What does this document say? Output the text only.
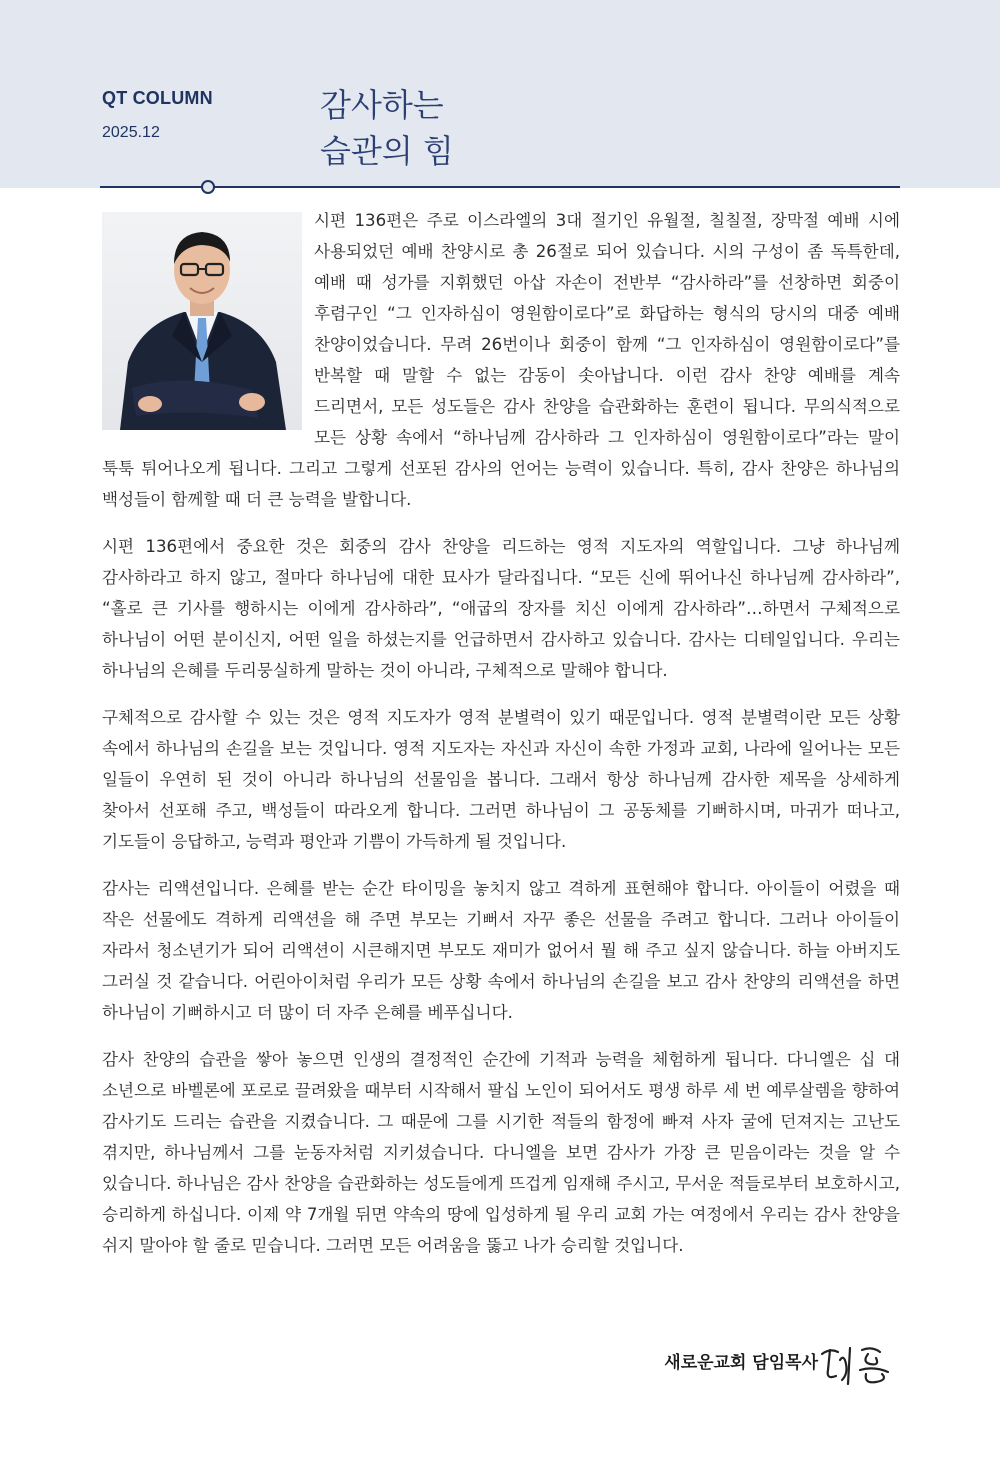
QT COLUMN
2025.12
감사하는
습관의 힘

시편 136편은 주로 이스라엘의 3대 절기인 유월절, 칠칠절, 장막절 예배 시에 사용되었던 예배 찬양시로 총 26절로 되어 있습니다. 시의 구성이 좀 독특한데, 예배 때 성가를 지휘했던 아삽 자손이 전반부 “감사하라”를 선창하면 회중이 후렴구인 “그 인자하심이 영원함이로다”로 화답하는 형식의 당시의 대중 예배 찬양이었습니다. 무려 26번이나 회중이 함께 “그 인자하심이 영원함이로다”를 반복할 때 말할 수 없는 감동이 솟아납니다. 이런 감사 찬양 예배를 계속 드리면서, 모든 성도들은 감사 찬양을 습관화하는 훈련이 됩니다. 무의식적으로 모든 상황 속에서 “하나님께 감사하라 그 인자하심이 영원함이로다”라는 말이 툭툭 튀어나오게 됩니다. 그리고 그렇게 선포된 감사의 언어는 능력이 있습니다. 특히, 감사 찬양은 하나님의 백성들이 함께할 때 더 큰 능력을 발합니다.

시편 136편에서 중요한 것은 회중의 감사 찬양을 리드하는 영적 지도자의 역할입니다. 그냥 하나님께 감사하라고 하지 않고, 절마다 하나님에 대한 묘사가 달라집니다. “모든 신에 뛰어나신 하나님께 감사하라”, “홀로 큰 기사를 행하시는 이에게 감사하라”, “애굽의 장자를 치신 이에게 감사하라”…하면서 구체적으로 하나님이 어떤 분이신지, 어떤 일을 하셨는지를 언급하면서 감사하고 있습니다. 감사는 디테일입니다. 우리는 하나님의 은혜를 두리뭉실하게 말하는 것이 아니라, 구체적으로 말해야 합니다.

구체적으로 감사할 수 있는 것은 영적 지도자가 영적 분별력이 있기 때문입니다. 영적 분별력이란 모든 상황 속에서 하나님의 손길을 보는 것입니다. 영적 지도자는 자신과 자신이 속한 가정과 교회, 나라에 일어나는 모든 일들이 우연히 된 것이 아니라 하나님의 선물임을 봅니다. 그래서 항상 하나님께 감사한 제목을 상세하게 찾아서 선포해 주고, 백성들이 따라오게 합니다. 그러면 하나님이 그 공동체를 기뻐하시며, 마귀가 떠나고, 기도들이 응답하고, 능력과 평안과 기쁨이 가득하게 될 것입니다.

감사는 리액션입니다. 은혜를 받는 순간 타이밍을 놓치지 않고 격하게 표현해야 합니다. 아이들이 어렸을 때 작은 선물에도 격하게 리액션을 해 주면 부모는 기뻐서 자꾸 좋은 선물을 주려고 합니다. 그러나 아이들이 자라서 청소년기가 되어 리액션이 시큰해지면 부모도 재미가 없어서 뭘 해 주고 싶지 않습니다. 하늘 아버지도 그러실 것 같습니다. 어린아이처럼 우리가 모든 상황 속에서 하나님의 손길을 보고 감사 찬양의 리액션을 하면 하나님이 기뻐하시고 더 많이 더 자주 은혜를 베푸십니다.

감사 찬양의 습관을 쌓아 놓으면 인생의 결정적인 순간에 기적과 능력을 체험하게 됩니다. 다니엘은 십 대 소년으로 바벨론에 포로로 끌려왔을 때부터 시작해서 팔십 노인이 되어서도 평생 하루 세 번 예루살렘을 향하여 감사기도 드리는 습관을 지켰습니다. 그 때문에 그를 시기한 적들의 함정에 빠져 사자 굴에 던져지는 고난도 겪지만, 하나님께서 그를 눈동자처럼 지키셨습니다. 다니엘을 보면 감사가 가장 큰 믿음이라는 것을 알 수 있습니다. 하나님은 감사 찬양을 습관화하는 성도들에게 뜨겁게 임재해 주시고, 무서운 적들로부터 보호하시고, 승리하게 하십니다. 이제 약 7개월 뒤면 약속의 땅에 입성하게 될 우리 교회 가는 여정에서 우리는 감사 찬양을 쉬지 말아야 할 줄로 믿습니다. 그러면 모든 어려움을 뚫고 나가 승리할 것입니다.

새로운교회 담임목사
